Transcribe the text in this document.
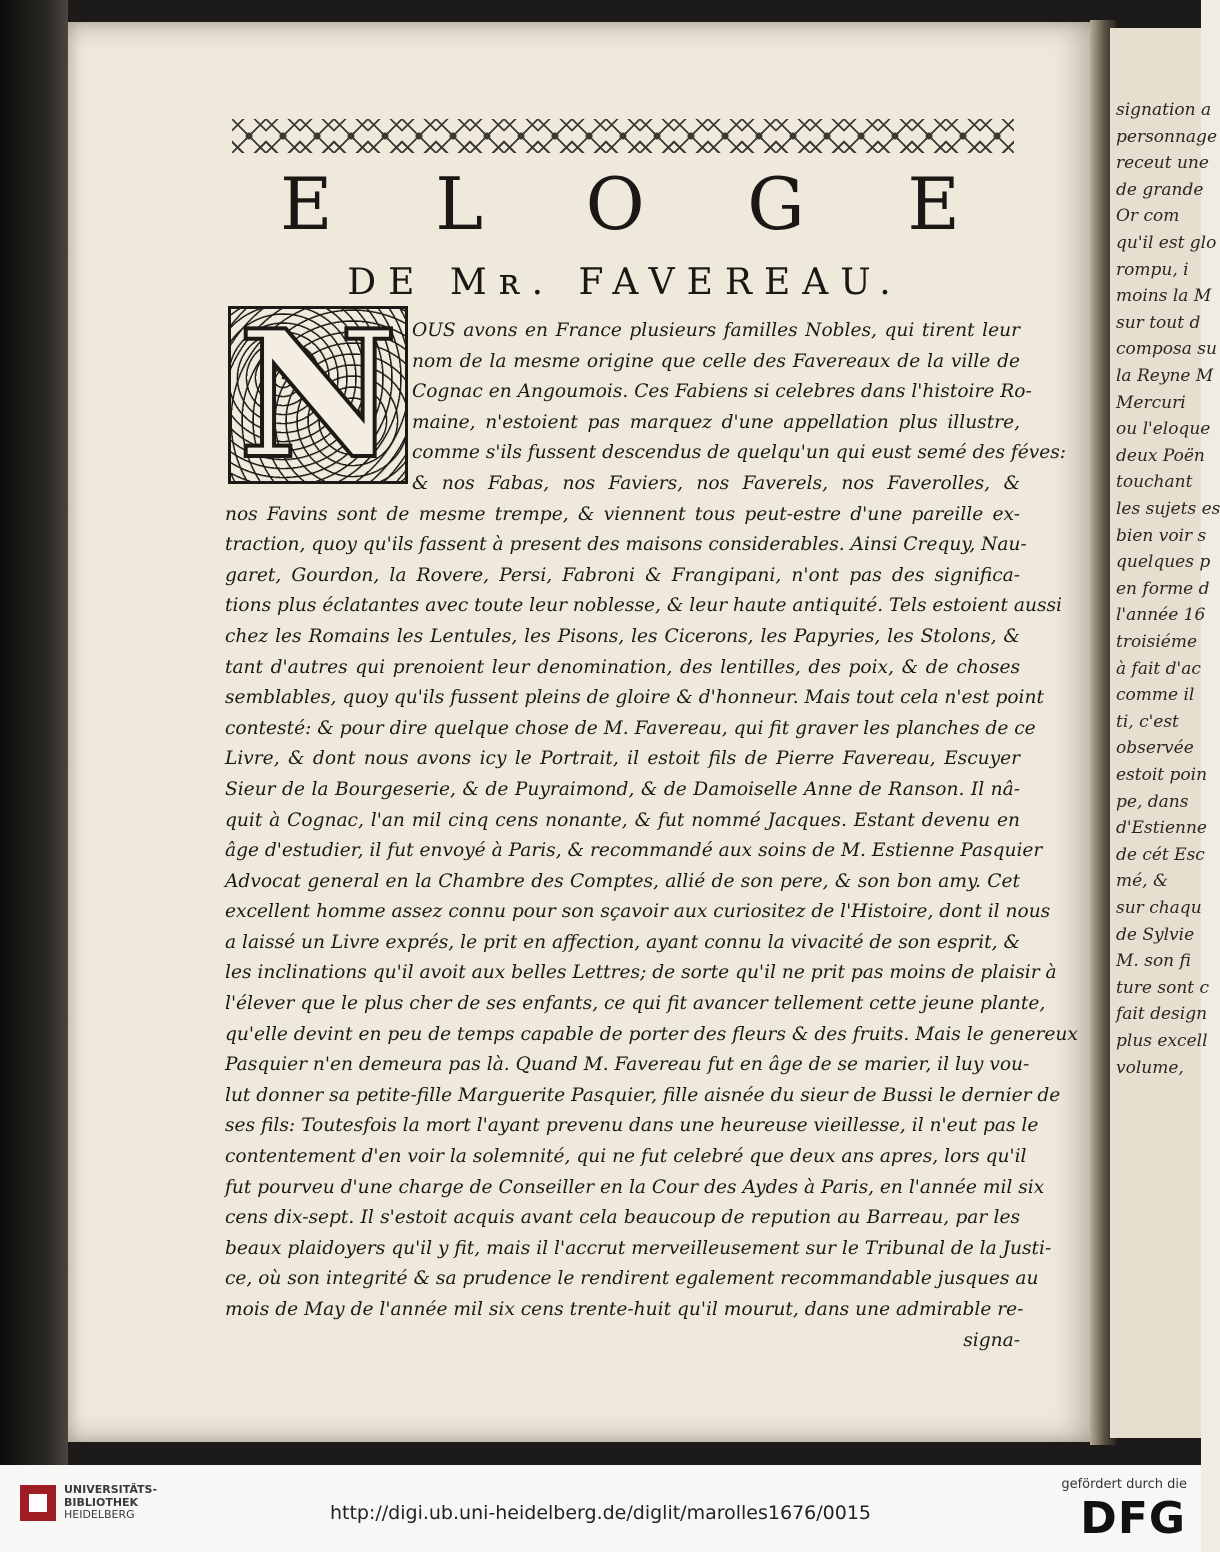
signation a
personnage
receut une
de grande
Or com
qu'il est glo
rompu, i
moins la M
sur tout d
composa su
la Reyne M
Mercuri
ou l'eloque
deux Poën
touchant
les sujets es
bien voir s
quelques p
en forme d
l'année 16
troisiéme
à fait d'ac
comme il
ti, c'est
observée
estoit poin
pe, dans
d'Estienne
de cét Esc
mé, &
sur chaqu
de Sylvie
M. son fi
ture sont c
fait design
plus excell
volume,
E L O G E
DE Mʀ. FAVEREAU.
N OUS avons en France plusieurs familles Nobles, qui tirent leur
nom de la mesme origine que celle des Favereaux de la ville de
Cognac en Angoumois. Ces Fabiens si celebres dans l'histoire Ro-
maine, n'estoient pas marquez d'une appellation plus illustre,
comme s'ils fussent descendus de quelqu'un qui eust semé des féves:
& nos Fabas, nos Faviers, nos Faverels, nos Faverolles, &
nos Favins sont de mesme trempe, & viennent tous peut-estre d'une pareille ex-
traction, quoy qu'ils fassent à present des maisons considerables. Ainsi Crequy, Nau-
garet, Gourdon, la Rovere, Persi, Fabroni & Frangipani, n'ont pas des significa-
tions plus éclatantes avec toute leur noblesse, & leur haute antiquité. Tels estoient aussi
chez les Romains les Lentules, les Pisons, les Cicerons, les Papyries, les Stolons, &
tant d'autres qui prenoient leur denomination, des lentilles, des poix, & de choses
semblables, quoy qu'ils fussent pleins de gloire & d'honneur. Mais tout cela n'est point
contesté: & pour dire quelque chose de M. Favereau, qui fit graver les planches de ce
Livre, & dont nous avons icy le Portrait, il estoit fils de Pierre Favereau, Escuyer
Sieur de la Bourgeserie, & de Puyraimond, & de Damoiselle Anne de Ranson. Il nâ-
quit à Cognac, l'an mil cinq cens nonante, & fut nommé Jacques. Estant devenu en
âge d'estudier, il fut envoyé à Paris, & recommandé aux soins de M. Estienne Pasquier
Advocat general en la Chambre des Comptes, allié de son pere, & son bon amy. Cet
excellent homme assez connu pour son sçavoir aux curiositez de l'Histoire, dont il nous
a laissé un Livre exprés, le prit en affection, ayant connu la vivacité de son esprit, &
les inclinations qu'il avoit aux belles Lettres; de sorte qu'il ne prit pas moins de plaisir à
l'élever que le plus cher de ses enfants, ce qui fit avancer tellement cette jeune plante,
qu'elle devint en peu de temps capable de porter des fleurs & des fruits. Mais le genereux
Pasquier n'en demeura pas là. Quand M. Favereau fut en âge de se marier, il luy vou-
lut donner sa petite-fille Marguerite Pasquier, fille aisnée du sieur de Bussi le dernier de
ses fils: Toutesfois la mort l'ayant prevenu dans une heureuse vieillesse, il n'eut pas le
contentement d'en voir la solemnité, qui ne fut celebré que deux ans apres, lors qu'il
fut pourveu d'une charge de Conseiller en la Cour des Aydes à Paris, en l'année mil six
cens dix-sept. Il s'estoit acquis avant cela beaucoup de repution au Barreau, par les
beaux plaidoyers qu'il y fit, mais il l'accrut merveilleusement sur le Tribunal de la Justi-
ce, où son integrité & sa prudence le rendirent egalement recommandable jusques au
mois de May de l'année mil six cens trente-huit qu'il mourut, dans une admirable re-
signa-
UNIVERSITÄTS-
BIBLIOTHEK
HEIDELBERG	http://digi.ub.uni-heidelberg.de/diglit/marolles1676/0015
gefördert durch die
DFG
